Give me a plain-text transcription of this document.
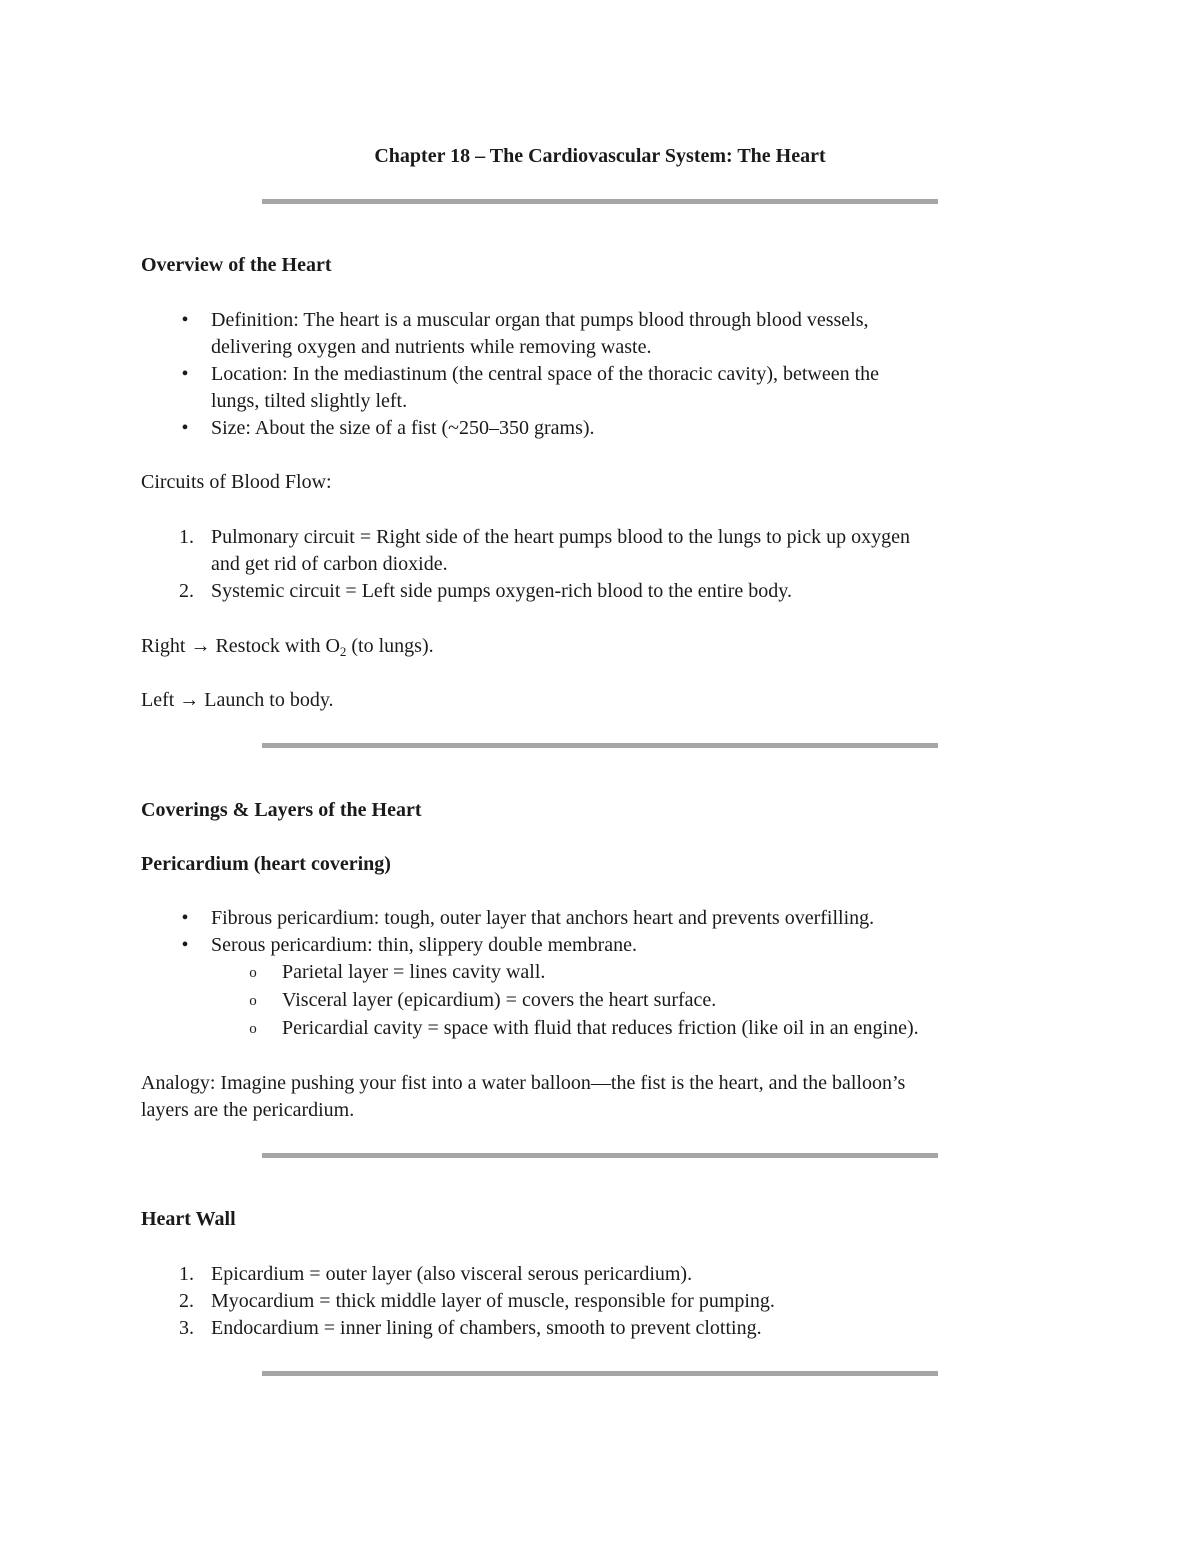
Chapter 18 – The Cardiovascular System: The Heart
Overview of the Heart
•	Definition: The heart is a muscular organ that pumps blood through blood vessels,
delivering oxygen and nutrients while removing waste.
•	Location: In the mediastinum (the central space of the thoracic cavity), between the
lungs, tilted slightly left.
•	Size: About the size of a fist (~250–350 grams).
Circuits of Blood Flow:
1. Pulmonary circuit = Right side of the heart pumps blood to the lungs to pick up oxygen
and get rid of carbon dioxide.
2. Systemic circuit = Left side pumps oxygen-rich blood to the entire body.
Right → Restock with $O_2$ (to lungs).
Left → Launch to body.
Coverings & Layers of the Heart
Pericardium (heart covering)
•	Fibrous pericardium: tough, outer layer that anchors heart and prevents overfilling.
•	Serous pericardium: thin, slippery double membrane.
o Parietal layer = lines cavity wall.
o Visceral layer (epicardium) = covers the heart surface.
o Pericardial cavity = space with fluid that reduces friction (like oil in an engine).
Analogy: Imagine pushing your fist into a water balloon—the fist is the heart, and the balloon’s
layers are the pericardium.
Heart Wall
1. Epicardium = outer layer (also visceral serous pericardium).
2. Myocardium = thick middle layer of muscle, responsible for pumping.
3. Endocardium = inner lining of chambers, smooth to prevent clotting.
